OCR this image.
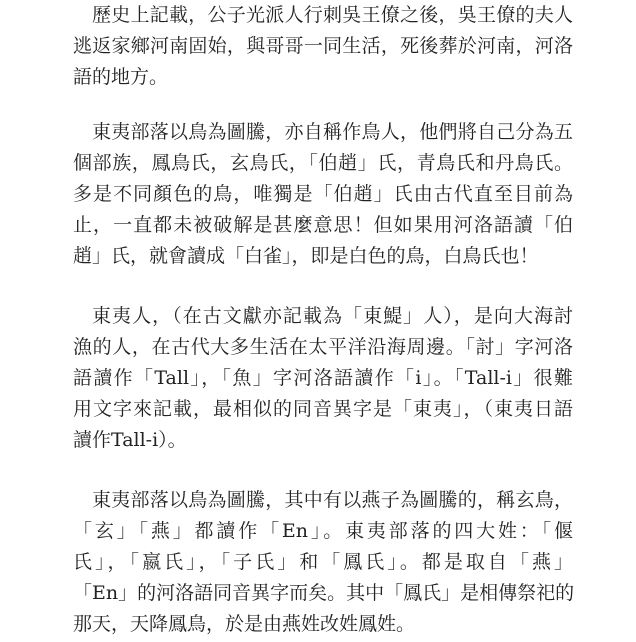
歷史上記載，公子光派人行刺吳王僚之後，吳王僚的夫人
逃返家鄉河南固始，與哥哥一同生活，死後葬於河南，河洛
語的地方。
東夷部落以鳥為圖騰，亦自稱作鳥人，他們將自己分為五
個部族，鳳鳥氏，玄鳥氏，「伯趙」氏，青鳥氏和丹鳥氏。
多是不同顏色的鳥，唯獨是「伯趙」氏由古代直至目前為
止，一直都未被破解是甚麼意思！但如果用河洛語讀「伯
趙」氏，就會讀成「白雀」，即是白色的鳥，白鳥氏也！
東夷人，（在古文獻亦記載為「東鯷」人），是向大海討
漁的人，在古代大多生活在太平洋沿海周邊。「討」字河洛
語讀作「Tall」，「魚」字河洛語讀作「i」。「Tall-i」很難
用文字來記載，最相似的同音異字是「東夷」，（東夷日語
讀作Tall-i）。
東夷部落以鳥為圖騰，其中有以燕子為圖騰的，稱玄鳥，
「玄」「燕」都讀作「En」。東夷部落的四大姓：「偃
氏」，「嬴氏」，「子氏」和「鳳氏」。都是取自「燕」
「En」的河洛語同音異字而矣。其中「鳳氏」是相傳祭祀的
那天，天降鳳鳥，於是由燕姓改姓鳳姓。
